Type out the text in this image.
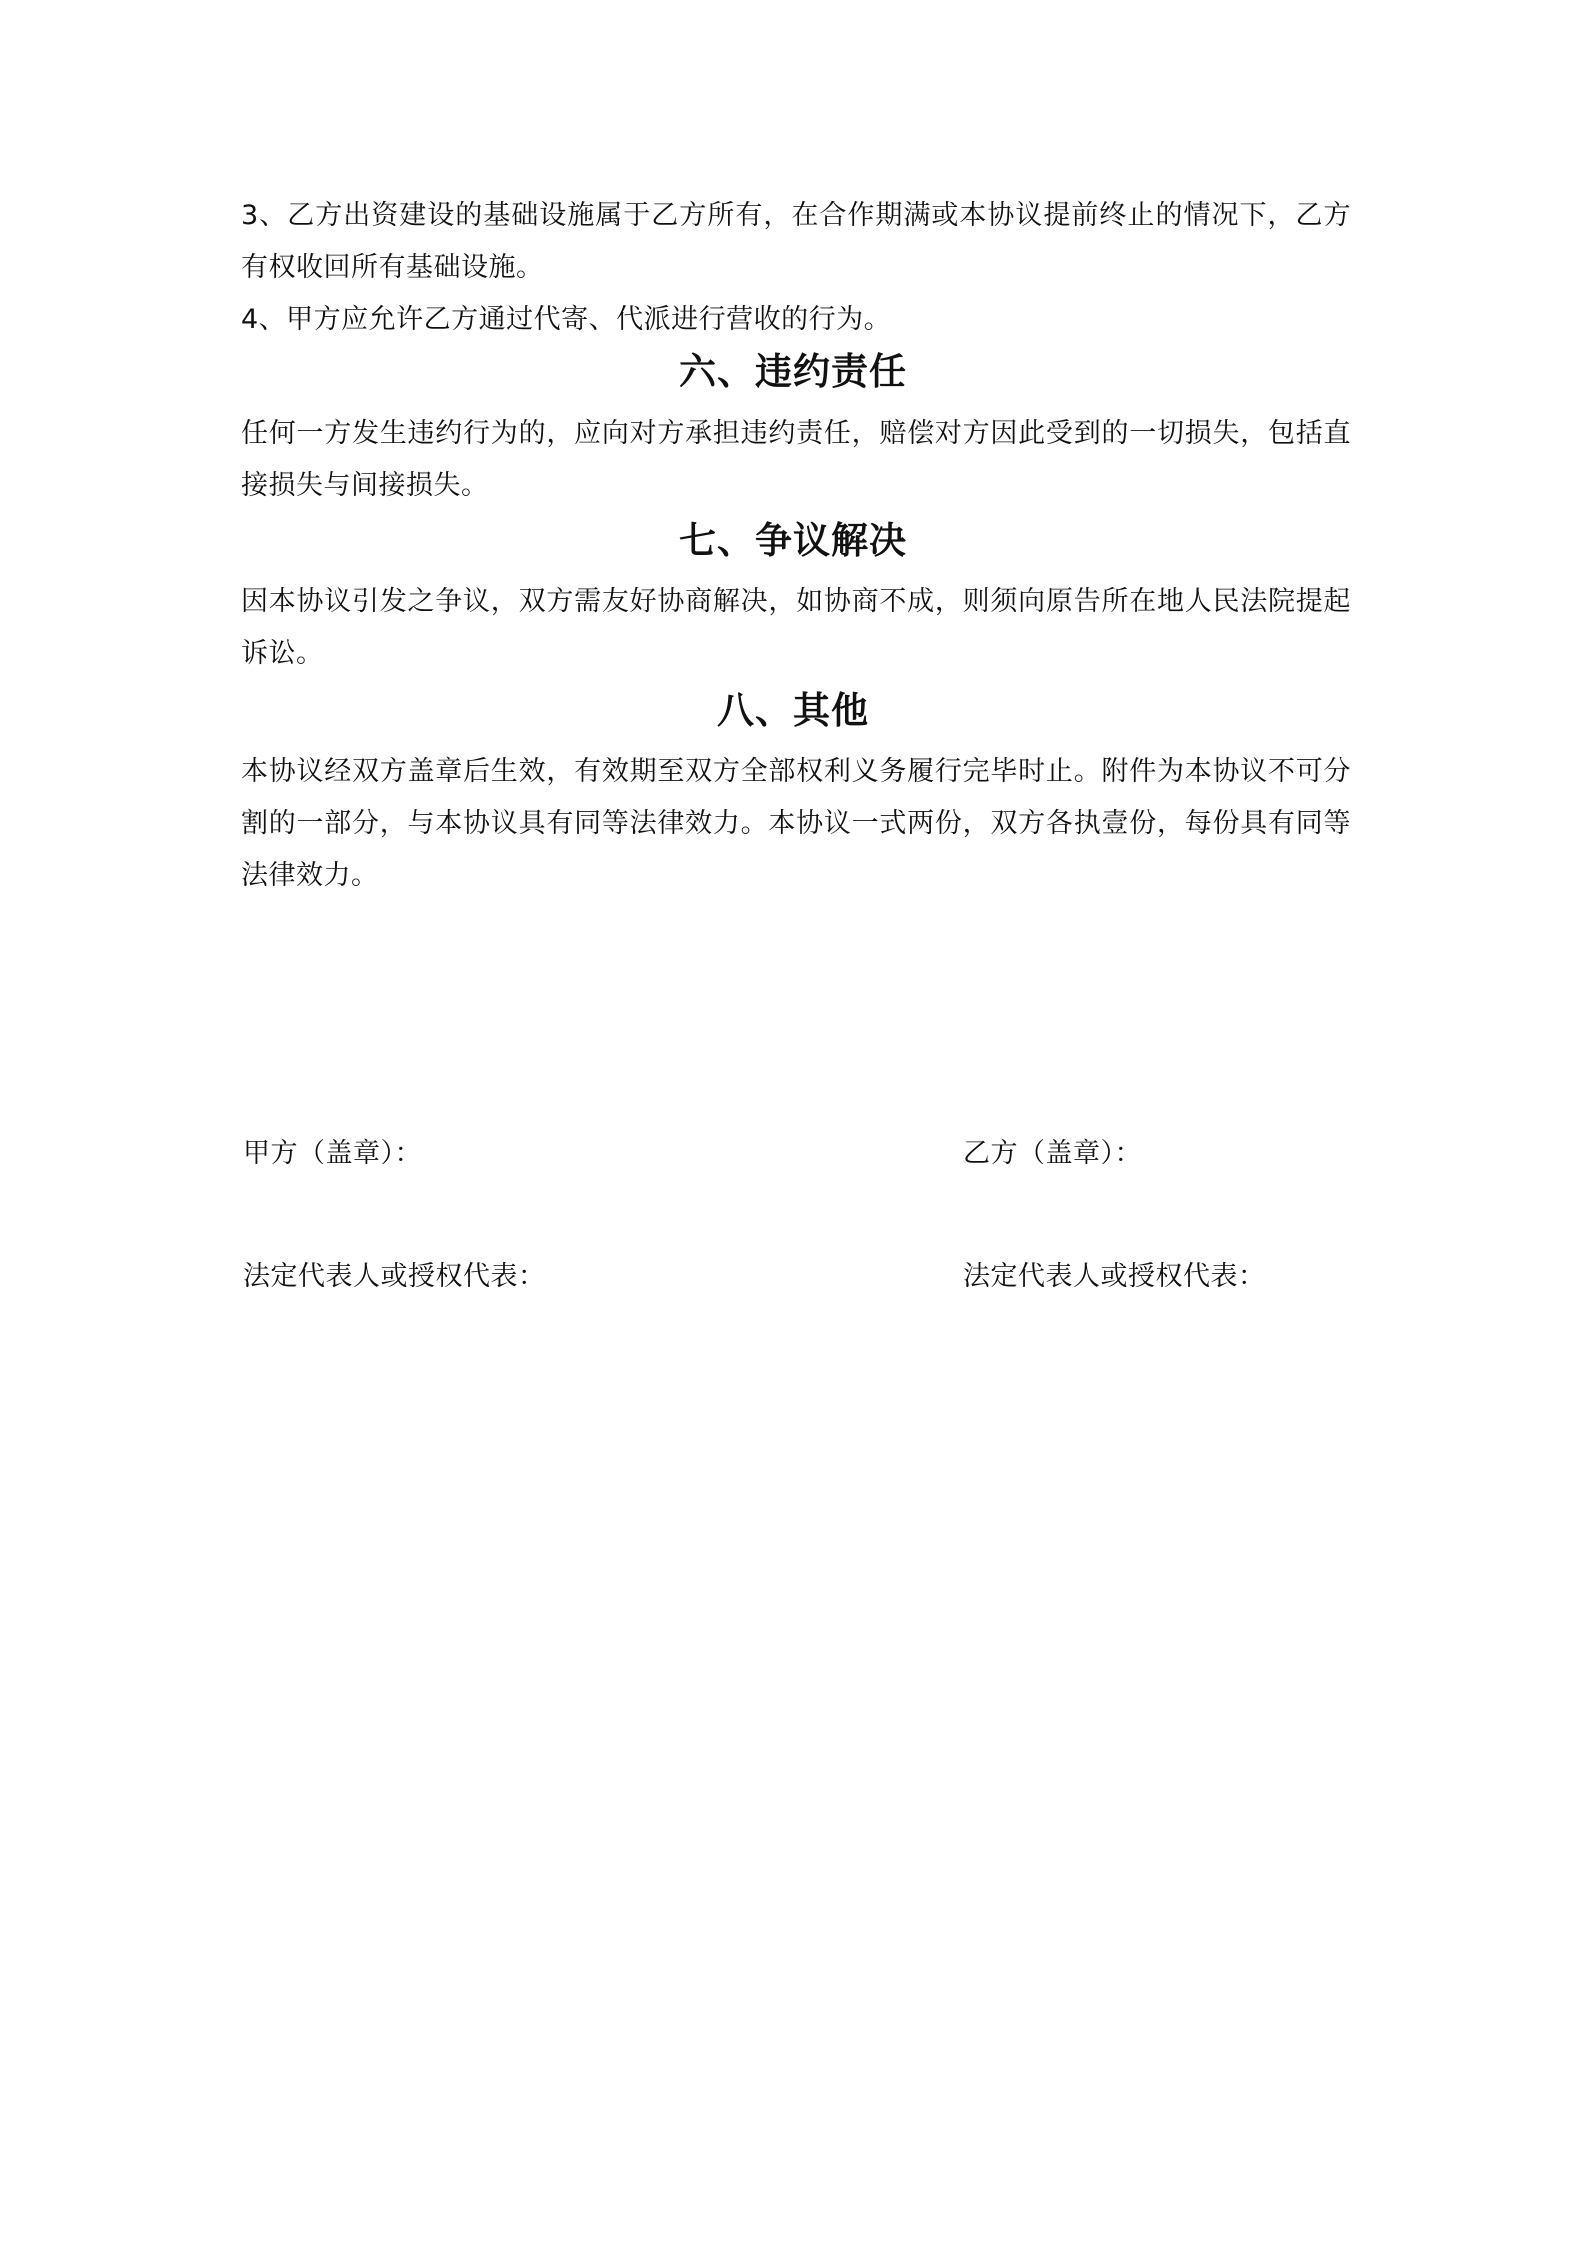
3、乙方出资建设的基础设施属于乙方所有，在合作期满或本协议提前终止的情况下，乙方有权收回所有基础设施。

4、甲方应允许乙方通过代寄、代派进行营收的行为。

六、违约责任

任何一方发生违约行为的，应向对方承担违约责任，赔偿对方因此受到的一切损失，包括直接损失与间接损失。

七、争议解决

因本协议引发之争议，双方需友好协商解决，如协商不成，则须向原告所在地人民法院提起诉讼。

八、其他

本协议经双方盖章后生效，有效期至双方全部权利义务履行完毕时止。附件为本协议不可分割的一部分，与本协议具有同等法律效力。本协议一式两份，双方各执壹份，每份具有同等法律效力。

甲方（盖章）：	乙方（盖章）：
法定代表人或授权代表：	法定代表人或授权代表：
